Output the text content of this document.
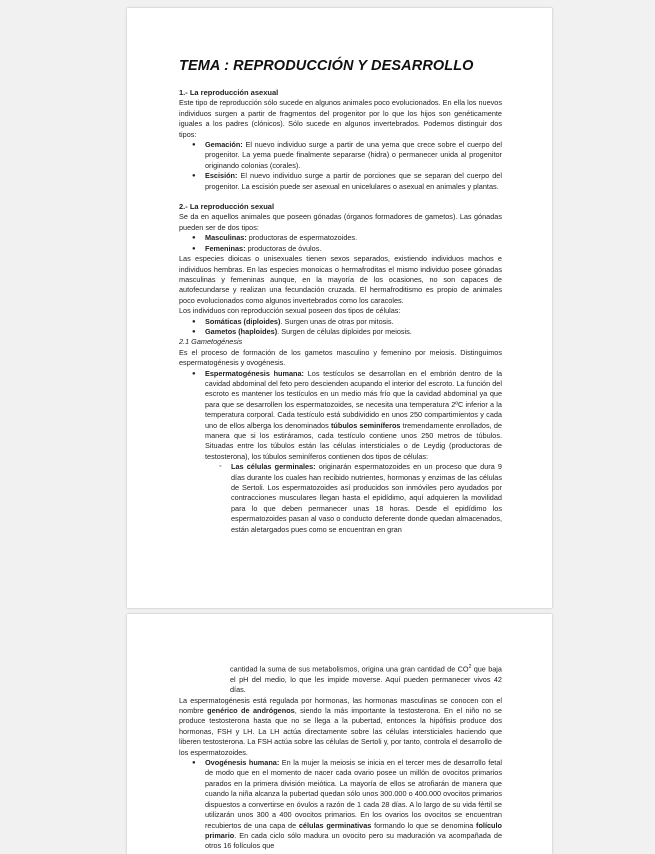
TEMA : REPRODUCCIÓN Y DESARROLLO

1.- La reproducción asexual

Este tipo de reproducción sólo sucede en algunos animales poco evolucionados. En ella los nuevos individuos surgen a partir de fragmentos del progenitor por lo que los hijos son genéticamente iguales a los padres (clónicos). Sólo sucede en algunos invertebrados. Podemos distinguir dos tipos:

● Gemación: El nuevo individuo surge a partir de una yema que crece sobre el cuerpo del progenitor. La yema puede finalmente separarse (hidra) o permanecer unida al progenitor originando colonias (corales).
● Escisión: El nuevo individuo surge a partir de porciones que se separan del cuerpo del progenitor. La escisión puede ser asexual en unicelulares o asexual en animales y plantas.

2.- La reproducción sexual

Se da en aquellos animales que poseen gónadas (órganos formadores de gametos). Las gónadas pueden ser de dos tipos:

● Masculinas: productoras de espermatozoides.
● Femeninas: productoras de óvulos.

Las especies dioicas o unisexuales tienen sexos separados, existiendo individuos machos e individuos hembras. En las especies monoicas o hermafroditas el mismo individuo posee gónadas masculinas y femeninas aunque, en la mayoría de los ocasiones, no son capaces de autofecundarse y realizan una fecundación cruzada. El hermafroditismo es propio de animales poco evolucionados como algunos invertebrados como los caracoles.

Los individuos con reproducción sexual poseen dos tipos de células:

● Somáticas (diploides). Surgen unas de otras por mitosis.
● Gametos (haploides). Surgen de células diploides por meiosis.

2.1 Gametogénesis

Es el proceso de formación de los gametos masculino y femenino por meiosis. Distinguimos espermatogénesis y ovogénesis.

● Espermatogénesis humana: Los testículos se desarrollan en el embrión dentro de la cavidad abdominal del feto pero descienden acupando el interior del escroto. La función del escroto es mantener los testículos en un medio más frío que la cavidad abdominal ya que para que se desarrollen los espermatozoides, se necesita una temperatura 2ºC inferior a la temperatura corporal. Cada testículo está subdividido en unos 250 compartimientos y cada uno de ellos alberga los denominados túbulos seminíferos tremendamente enrollados, de manera que si los estiráramos, cada testículo contiene unos 250 metros de túbulos. Situadas entre los túbulos están las células intersticiales o de Leydig (productoras de testosterona), los túbulos seminíferos contienen dos tipos de células:
◦ Las células germinales: originarán espermatozoides en un proceso que dura 9 días durante los cuales han recibido nutrientes, hormonas y enzimas de las células de Sertoli. Los espermatozoides así producidos son inmóviles pero ayudados por contracciones musculares llegan hasta el epidídimo, aquí adquieren la movilidad para lo que deben permanecer unas 18 horas. Desde el epidídimo los espermatozoides pasan al vaso o conducto deferente donde quedan almacenados, están aletargados pues como se encuentran en gran

cantidad la suma de sus metabolismos, origina una gran cantidad de $CO^2$ que baja el pH del medio, lo que les impide moverse. Aquí pueden permanecer vivos 42 días.

La espermatogénesis está regulada por hormonas, las hormonas masculinas se conocen con el nombre genérico de andrógenos, siendo la más importante la testosterona. En el niño no se produce testosterona hasta que no se llega a la pubertad, entonces la hipófisis produce dos hormonas, FSH y LH. La LH actúa directamente sobre las células intersticiales haciendo que liberen testosterona. La FSH actúa sobre las células de Sertoli y, por tanto, controla el desarrollo de los espermatozoides.

● Ovogénesis humana: En la mujer la meiosis se inicia en el tercer mes de desarrollo fetal de modo que en el momento de nacer cada ovario posee un millón de ovocitos primarios parados en la primera división meiótica. La mayoría de ellos se atrofiarán de manera que cuando la niña alcanza la pubertad quedan sólo unos 300.000 o 400.000 ovocitos primarios dispuestos a convertirse en óvulos a razón de 1 cada 28 días. A lo largo de su vida fértil se utilizarán unos 300 a 400 ovocitos primarios. En los ovarios los ovocitos se encuentran recubiertos de una capa de células germinativas formando lo que se denomina folículo primario. En cada ciclo sólo madura un ovocito pero su maduración va acompañada de otros 16 folículos que
